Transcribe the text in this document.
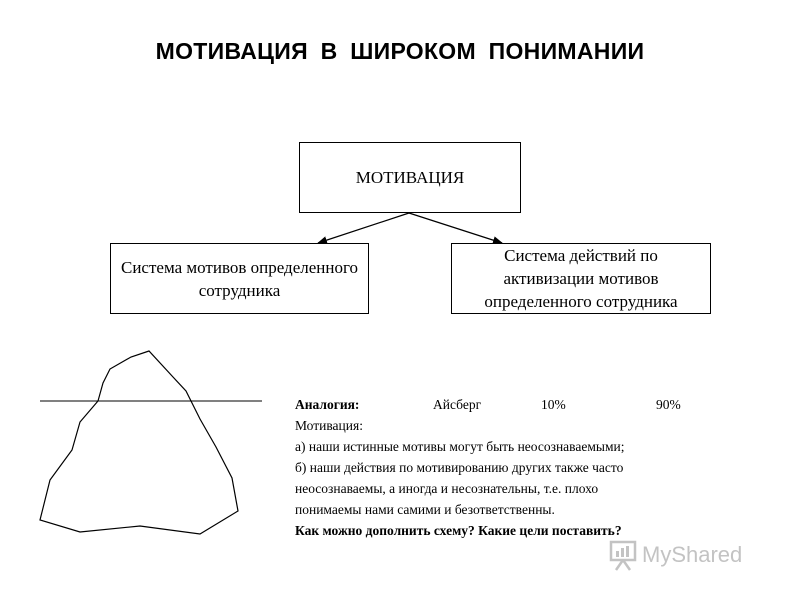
МОТИВАЦИЯ В ШИРОКОМ ПОНИМАНИИ
МОТИВАЦИЯ
Система мотивов определенного сотрудника
Система действий по активизации мотивов определенного сотрудника
Аналогия:	Айсберг	10%	90%
Мотивация:
а) наши истинные мотивы могут быть неосознаваемыми;
б) наши действия по мотивированию других также часто
неосознаваемы, а иногда и несознательны, т.е. плохо
понимаемы нами самими и безответственны.
Как можно дополнить схему? Какие цели поставить?
MyShared
